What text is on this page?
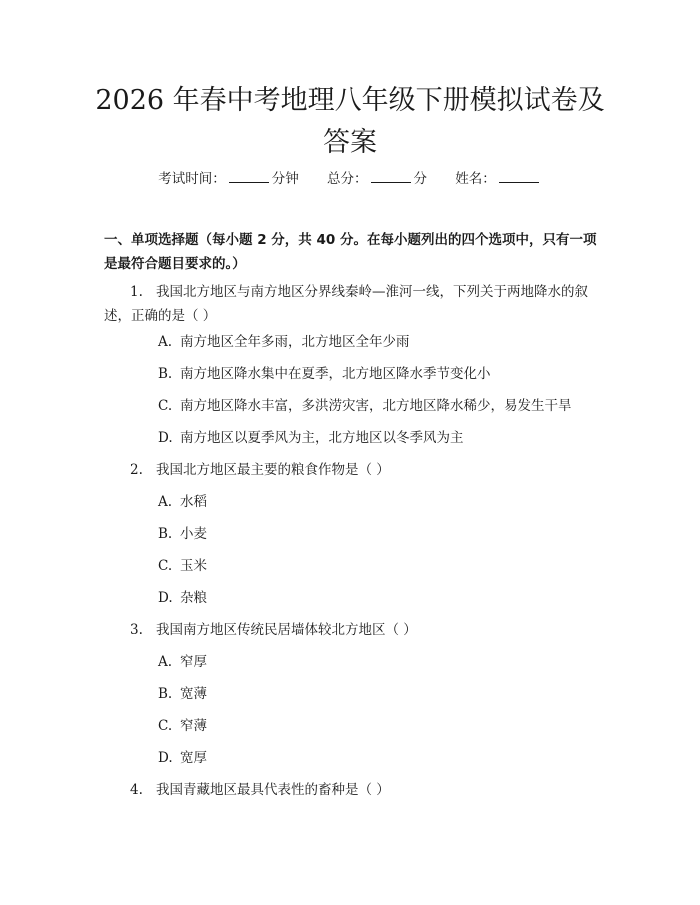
2026 年春中考地理八年级下册模拟试卷及答案
考试时间：	分钟 总分：	分 姓名：
一、单项选择题（每小题 2 分，共 40 分。在每小题列出的四个选项中，只有一项是最符合题目要求的。）
1. 我国北方地区与南方地区分界线秦岭—淮河一线，下列关于两地降水的叙述，正确的是（ ）
A. 南方地区全年多雨，北方地区全年少雨
B. 南方地区降水集中在夏季，北方地区降水季节变化小
C. 南方地区降水丰富，多洪涝灾害，北方地区降水稀少，易发生干旱
D. 南方地区以夏季风为主，北方地区以冬季风为主
2. 我国北方地区最主要的粮食作物是（ ）
A. 水稻
B. 小麦
C. 玉米
D. 杂粮
3. 我国南方地区传统民居墙体较北方地区（ ）
A. 窄厚
B. 宽薄
C. 窄薄
D. 宽厚
4. 我国青藏地区最具代表性的畜种是（ ）
